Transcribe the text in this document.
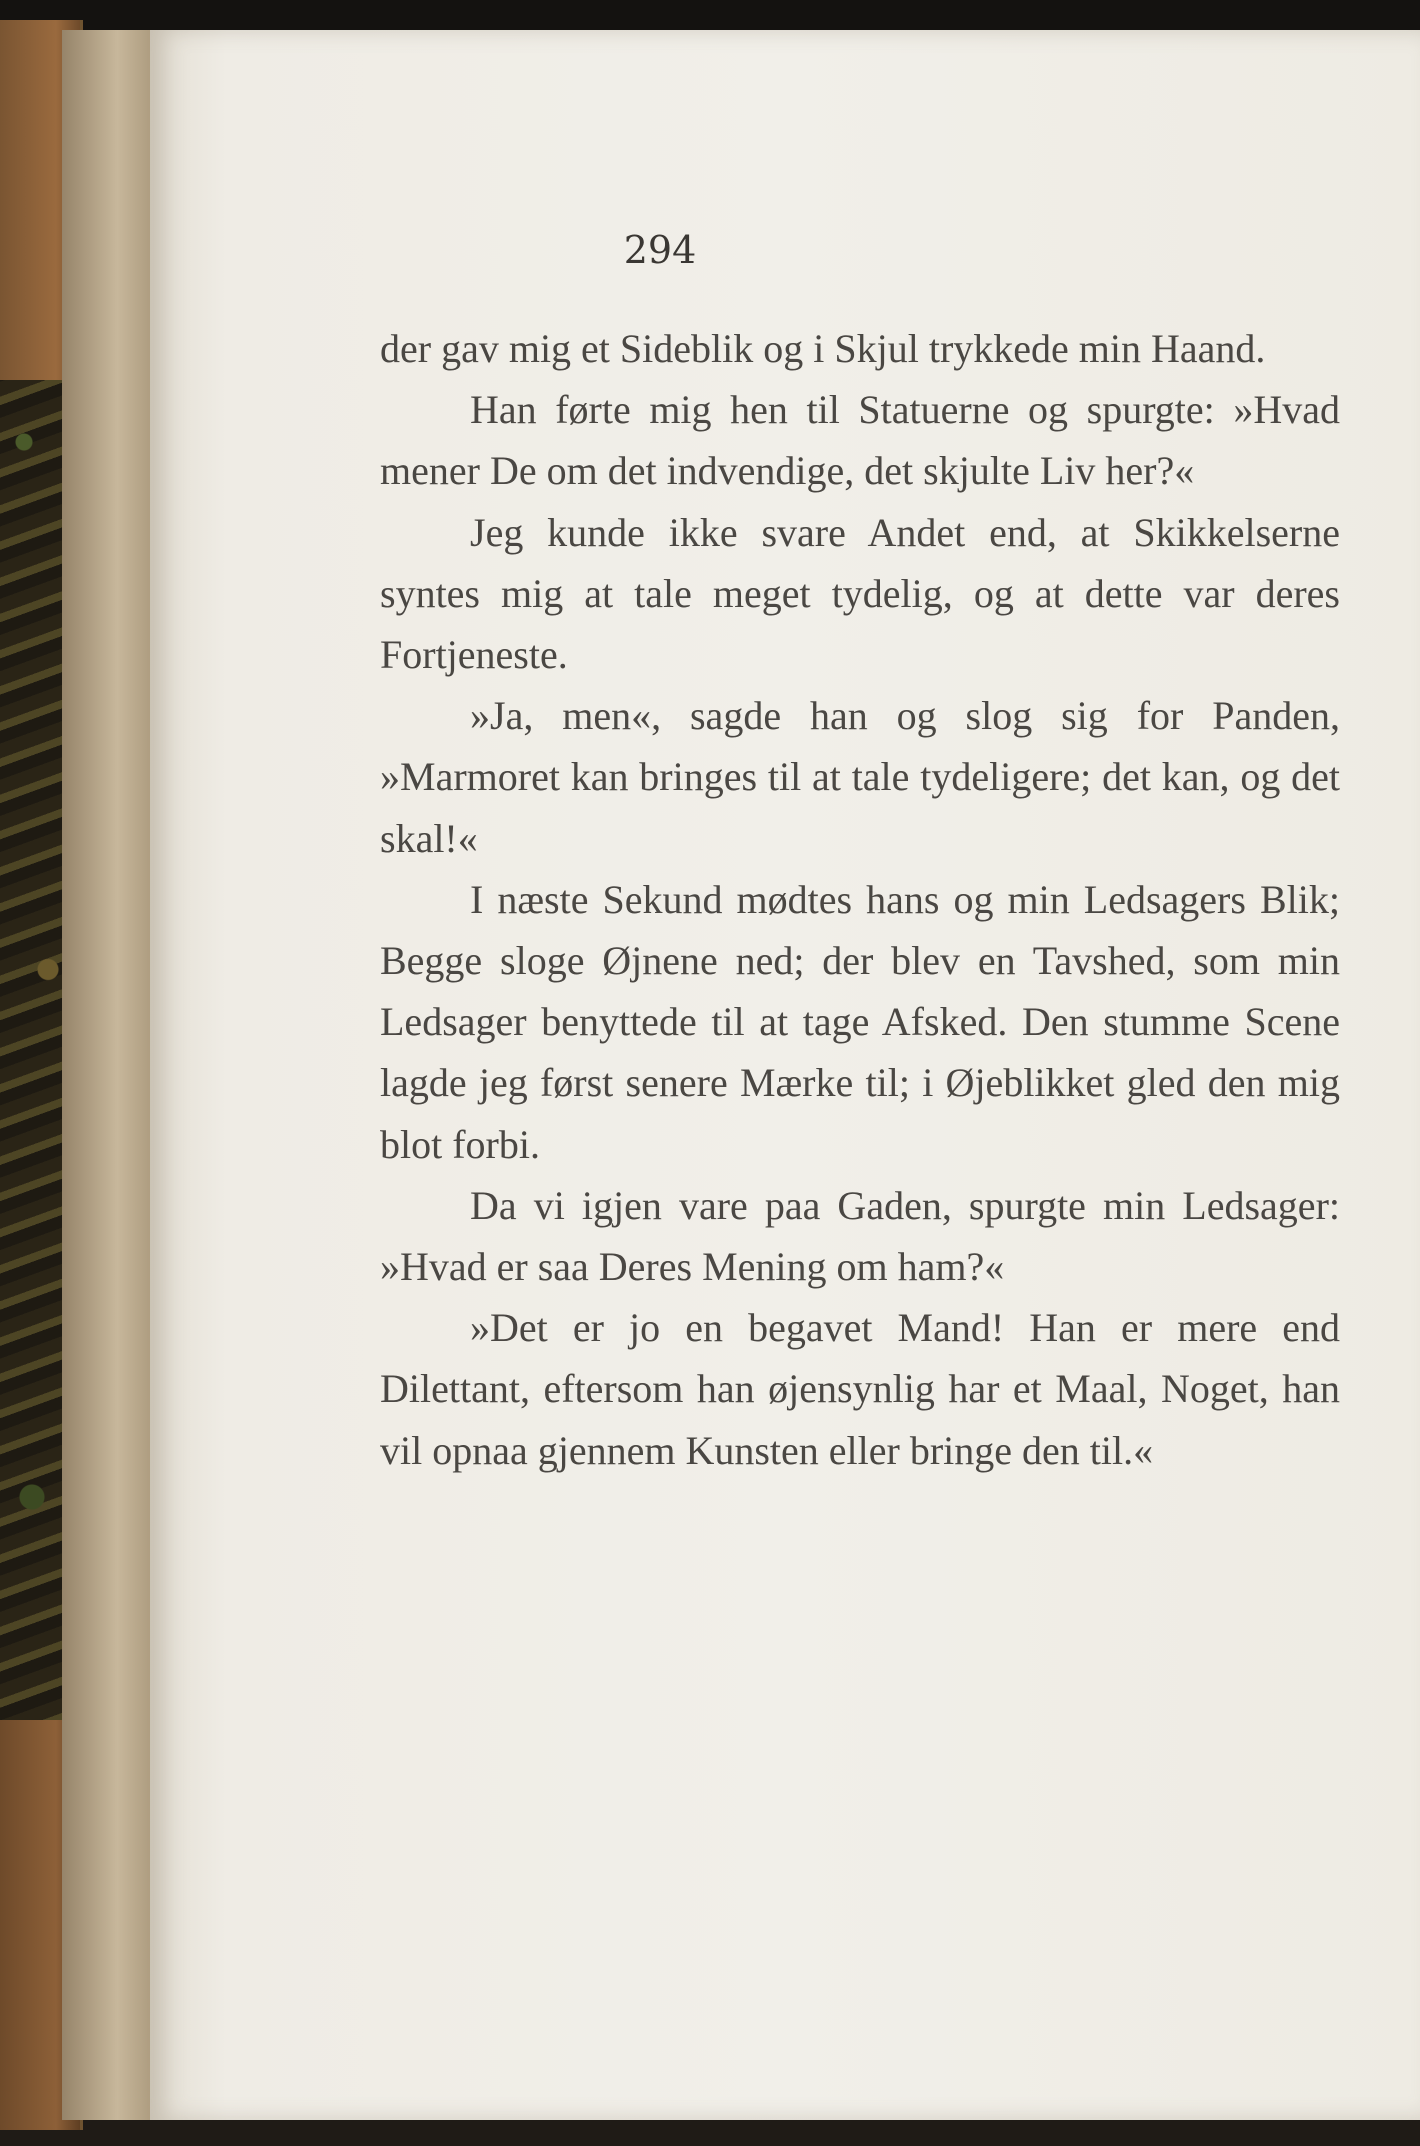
294

der gav mig et Sideblik og i Skjul trykkede min Haand.

Han førte mig hen til Statuerne og spurgte: »Hvad mener De om det indvendige, det skjulte Liv her?«

Jeg kunde ikke svare Andet end, at Skikkelserne syntes mig at tale meget tydelig, og at dette var deres Fortjeneste.

»Ja, men«, sagde han og slog sig for Panden, »Marmoret kan bringes til at tale tydeligere; det kan, og det skal!«

I næste Sekund mødtes hans og min Ledsagers Blik; Begge sloge Øjnene ned; der blev en Tavshed, som min Ledsager benyttede til at tage Afsked. Den stumme Scene lagde jeg først senere Mærke til; i Øjeblikket gled den mig blot forbi.

Da vi igjen vare paa Gaden, spurgte min Ledsager: »Hvad er saa Deres Mening om ham?«

»Det er jo en begavet Mand! Han er mere end Dilettant, eftersom han øjensynlig har et Maal, Noget, han vil opnaa gjennem Kunsten eller bringe den til.«
